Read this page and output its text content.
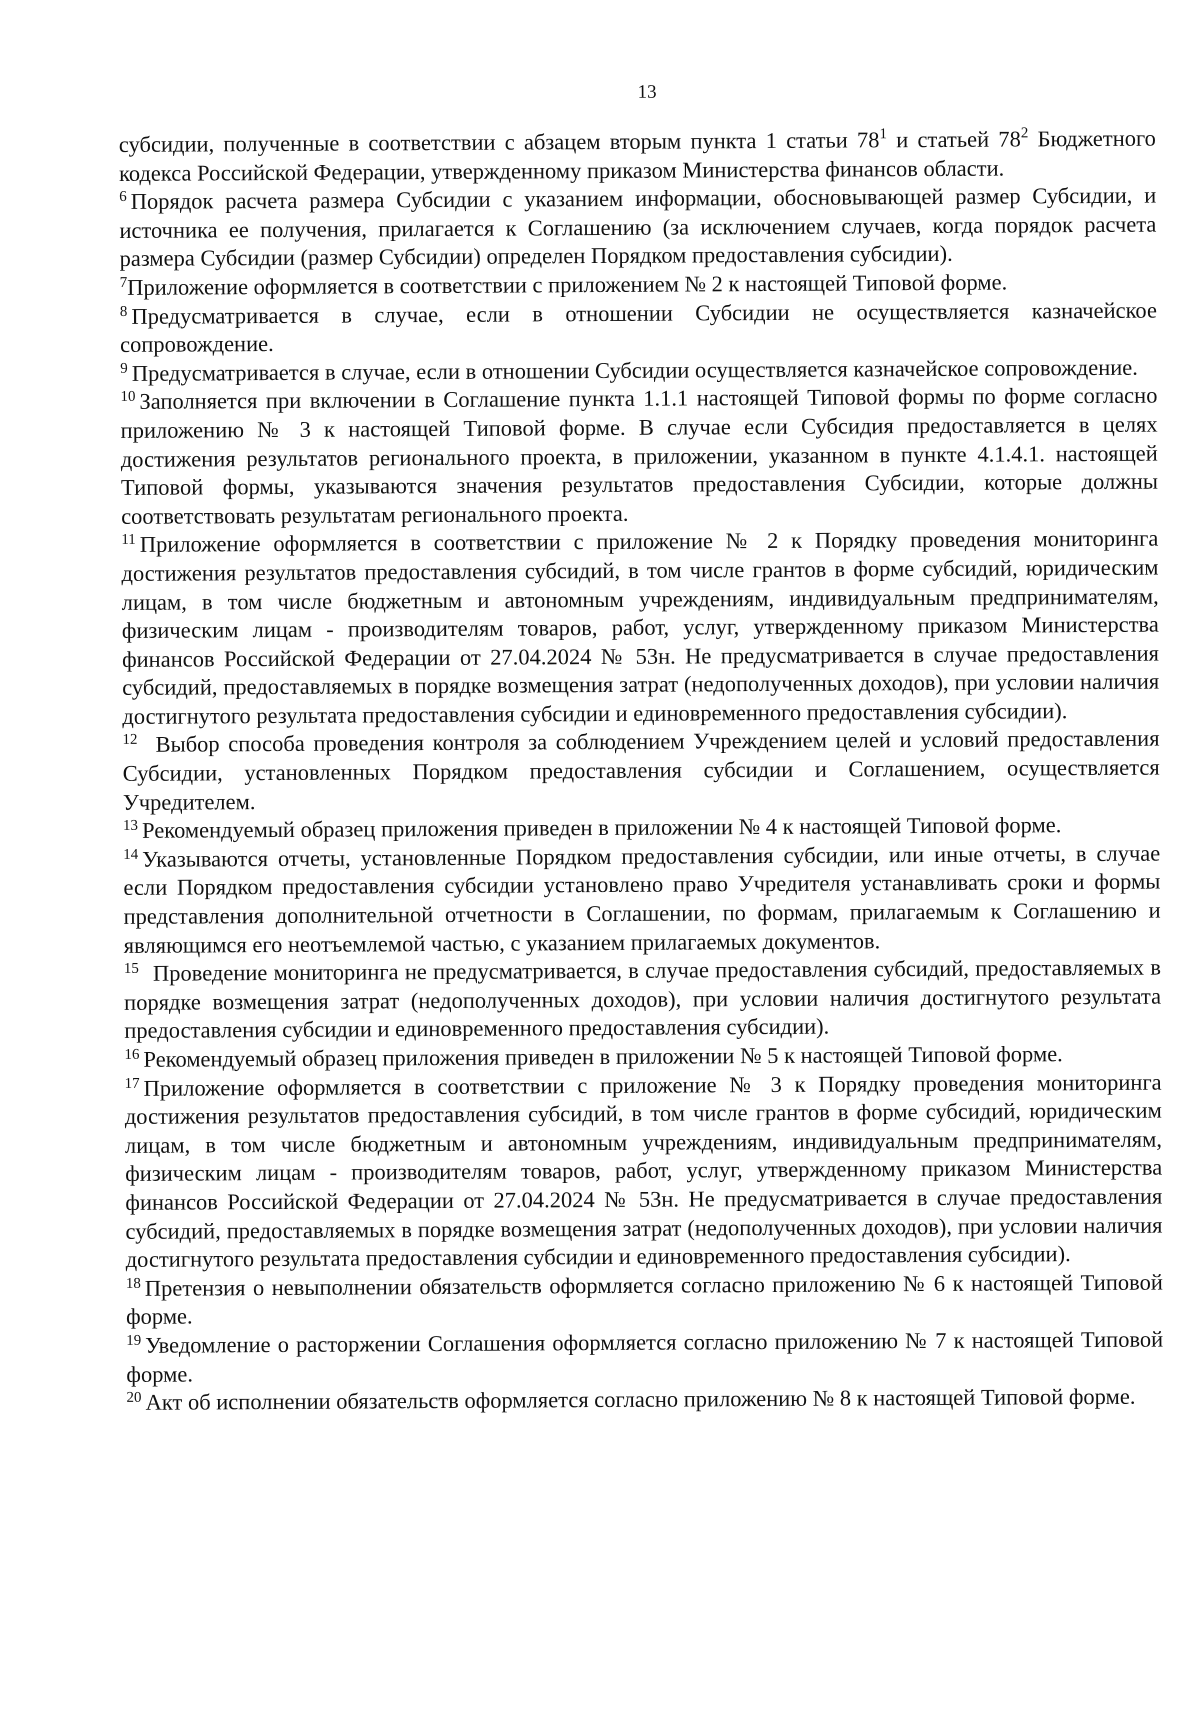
13

субсидии, полученные в соответствии с абзацем вторым пункта 1 статьи $78^1$ и статьей $78^2$ Бюджетного кодекса Российской Федерации, утвержденному приказом Министерства финансов области.

$^6$ Порядок расчета размера Субсидии с указанием информации, обосновывающей размер Субсидии, и источника ее получения, прилагается к Соглашению (за исключением случаев, когда порядок расчета размера Субсидии (размер Субсидии) определен Порядком предоставления субсидии).

$^7$Приложение оформляется в соответствии с приложением № 2 к настоящей Типовой форме.

$^8$ Предусматривается в случае, если в отношении Субсидии не осуществляется казначейское сопровождение.

$^9$ Предусматривается в случае, если в отношении Субсидии осуществляется казначейское сопровождение.

$^{10}$ Заполняется при включении в Соглашение пункта 1.1.1 настоящей Типовой формы по форме согласно приложению № 3 к настоящей Типовой форме. В случае если Субсидия предоставляется в целях достижения результатов регионального проекта, в приложении, указанном в пункте 4.1.4.1. настоящей Типовой формы, указываются значения результатов предоставления Субсидии, которые должны соответствовать результатам регионального проекта.

$^{11}$ Приложение оформляется в соответствии с приложение № 2 к Порядку проведения мониторинга достижения результатов предоставления субсидий, в том числе грантов в форме субсидий, юридическим лицам, в том числе бюджетным и автономным учреждениям, индивидуальным предпринимателям, физическим лицам - производителям товаров, работ, услуг, утвержденному приказом Министерства финансов Российской Федерации от 27.04.2024 № 53н. Не предусматривается в случае предоставления субсидий, предоставляемых в порядке возмещения затрат (недополученных доходов), при условии наличия достигнутого результата предоставления субсидии и единовременного предоставления субсидии).

$^{12}$ Выбор способа проведения контроля за соблюдением Учреждением целей и условий предоставления Субсидии, установленных Порядком предоставления субсидии и Соглашением, осуществляется Учредителем.

$^{13}$ Рекомендуемый образец приложения приведен в приложении № 4 к настоящей Типовой форме.

$^{14}$ Указываются отчеты, установленные Порядком предоставления субсидии, или иные отчеты, в случае если Порядком предоставления субсидии установлено право Учредителя устанавливать сроки и формы представления дополнительной отчетности в Соглашении, по формам, прилагаемым к Соглашению и являющимся его неотъемлемой частью, с указанием прилагаемых документов.

$^{15}$ Проведение мониторинга не предусматривается, в случае предоставления субсидий, предоставляемых в порядке возмещения затрат (недополученных доходов), при условии наличия достигнутого результата предоставления субсидии и единовременного предоставления субсидии).

$^{16}$ Рекомендуемый образец приложения приведен в приложении № 5 к настоящей Типовой форме.

$^{17}$ Приложение оформляется в соответствии с приложение № 3 к Порядку проведения мониторинга достижения результатов предоставления субсидий, в том числе грантов в форме субсидий, юридическим лицам, в том числе бюджетным и автономным учреждениям, индивидуальным предпринимателям, физическим лицам - производителям товаров, работ, услуг, утвержденному приказом Министерства финансов Российской Федерации от 27.04.2024 № 53н. Не предусматривается в случае предоставления субсидий, предоставляемых в порядке возмещения затрат (недополученных доходов), при условии наличия достигнутого результата предоставления субсидии и единовременного предоставления субсидии).

$^{18}$ Претензия о невыполнении обязательств оформляется согласно приложению № 6 к настоящей Типовой форме.

$^{19}$ Уведомление о расторжении Соглашения оформляется согласно приложению № 7 к настоящей Типовой форме.

$^{20}$ Акт об исполнении обязательств оформляется согласно приложению № 8 к настоящей Типовой форме.
